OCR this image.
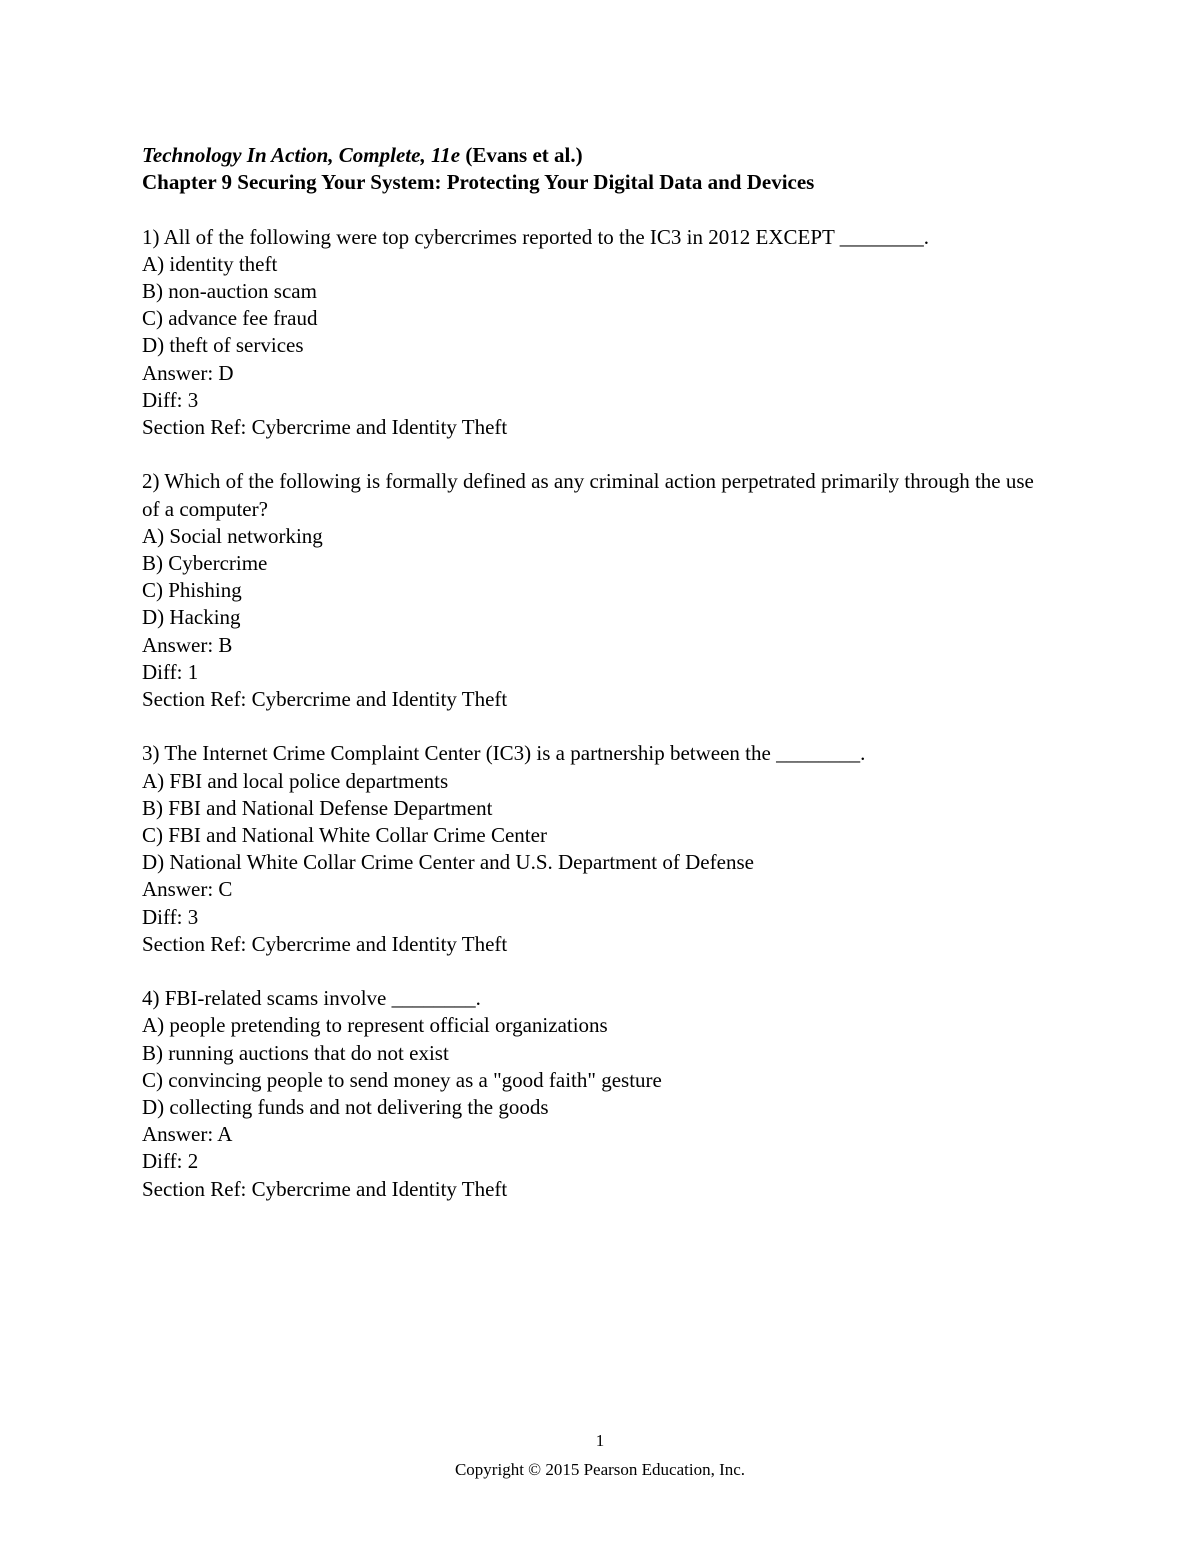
Technology In Action, Complete, 11e (Evans et al.)
Chapter 9 Securing Your System: Protecting Your Digital Data and Devices
1) All of the following were top cybercrimes reported to the IC3 in 2012 EXCEPT ________.
A) identity theft
B) non-auction scam
C) advance fee fraud
D) theft of services
Answer: D
Diff: 3
Section Ref: Cybercrime and Identity Theft
2) Which of the following is formally defined as any criminal action perpetrated primarily through the use of a computer?
A) Social networking
B) Cybercrime
C) Phishing
D) Hacking
Answer: B
Diff: 1
Section Ref: Cybercrime and Identity Theft
3) The Internet Crime Complaint Center (IC3) is a partnership between the ________.
A) FBI and local police departments
B) FBI and National Defense Department
C) FBI and National White Collar Crime Center
D) National White Collar Crime Center and U.S. Department of Defense
Answer: C
Diff: 3
Section Ref: Cybercrime and Identity Theft
4) FBI-related scams involve ________.
A) people pretending to represent official organizations
B) running auctions that do not exist
C) convincing people to send money as a "good faith" gesture
D) collecting funds and not delivering the goods
Answer: A
Diff: 2
Section Ref: Cybercrime and Identity Theft
1
Copyright © 2015 Pearson Education, Inc.
